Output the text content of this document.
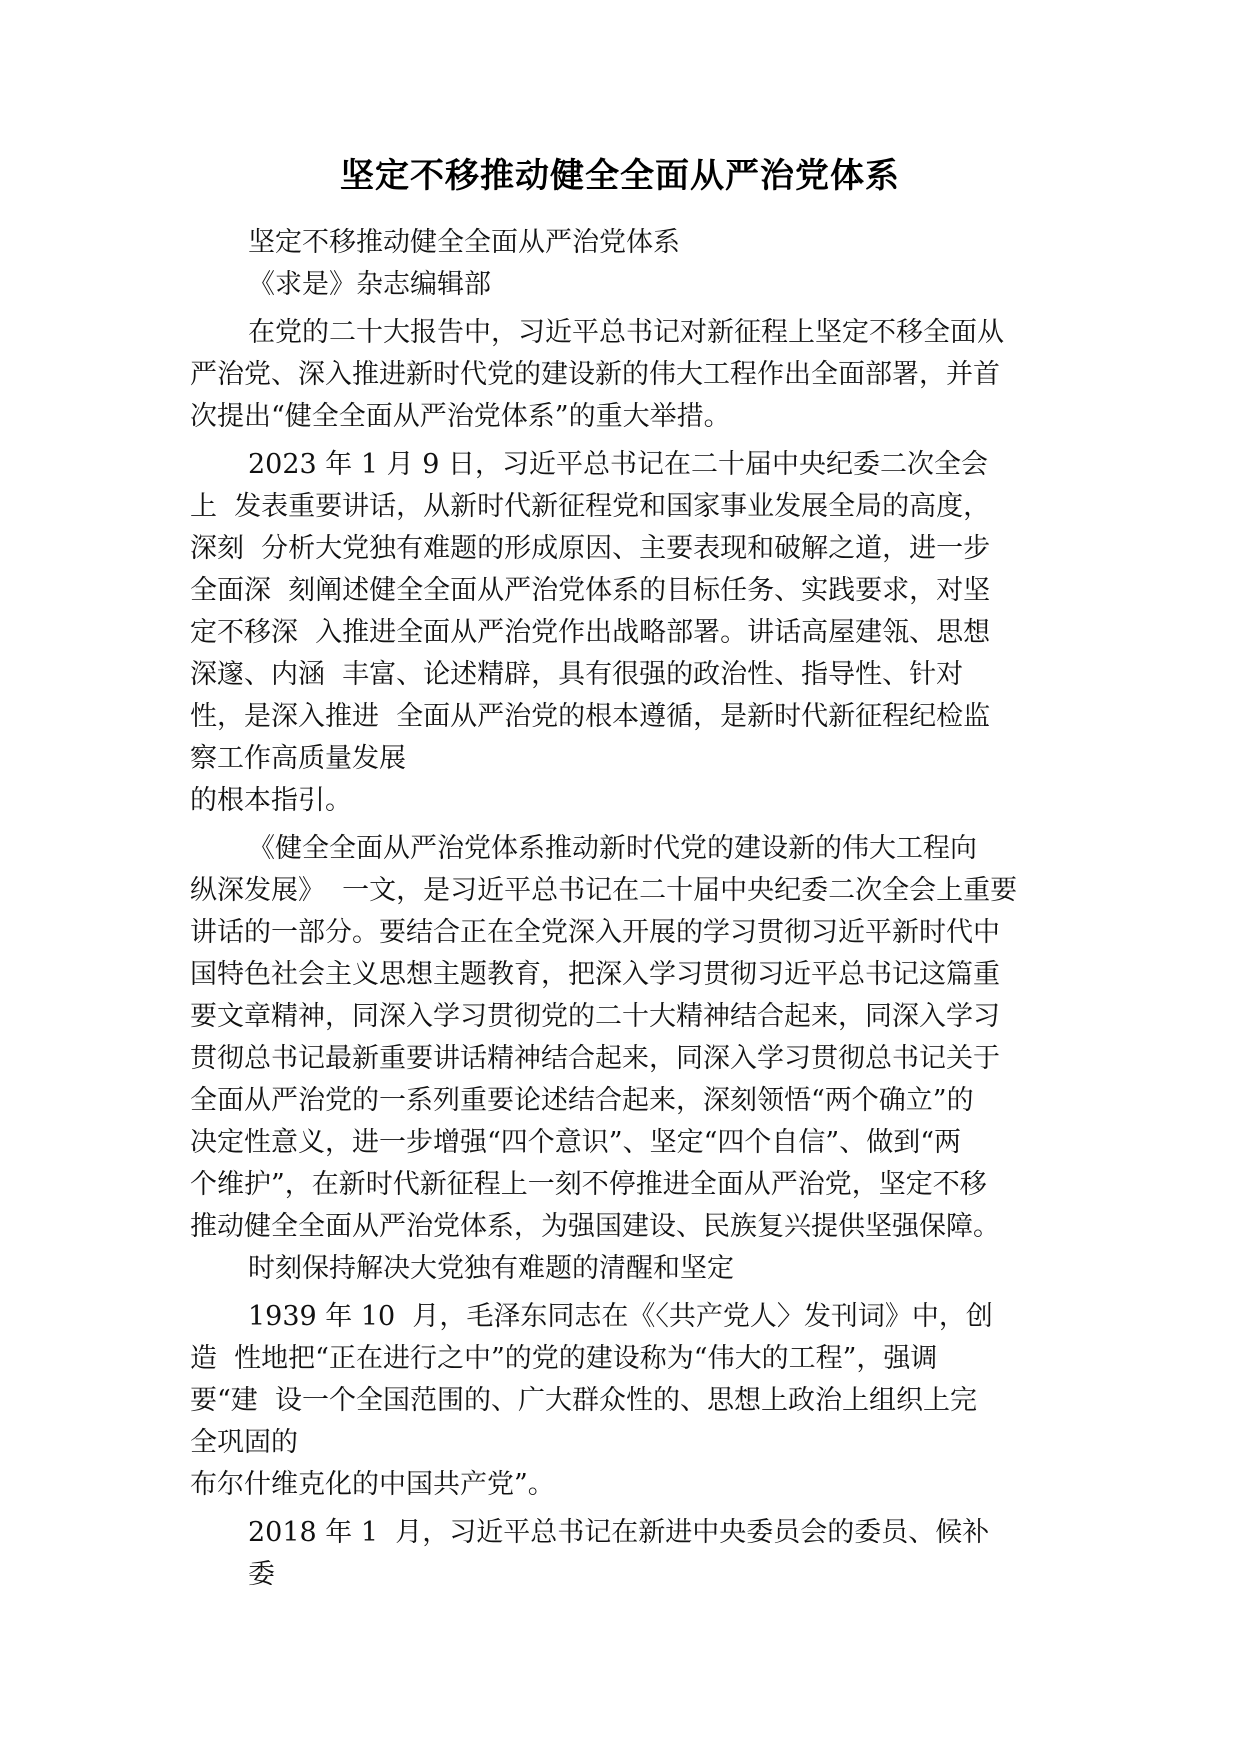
坚定不移推动健全全面从严治党体系
坚定不移推动健全全面从严治党体系
《求是》杂志编辑部
在党的二十大报告中，习近平总书记对新征程上坚定不移全面从
严治党、深入推进新时代党的建设新的伟大工程作出全面部署，并首
次提出“健全全面从严治党体系”的重大举措。
2023 年 1 月 9 日，习近平总书记在二十届中央纪委二次全会
上  发表重要讲话，从新时代新征程党和国家事业发展全局的高度，
深刻  分析大党独有难题的形成原因、主要表现和破解之道，进一步
全面深  刻阐述健全全面从严治党体系的目标任务、实践要求，对坚
定不移深  入推进全面从严治党作出战略部署。讲话高屋建瓴、思想
深邃、内涵  丰富、论述精辟，具有很强的政治性、指导性、针对
性，是深入推进  全面从严治党的根本遵循，是新时代新征程纪检监
察工作高质量发展
的根本指引。
《健全全面从严治党体系推动新时代党的建设新的伟大工程向
纵深发展》  一文，是习近平总书记在二十届中央纪委二次全会上重要
讲话的一部分。要结合正在全党深入开展的学习贯彻习近平新时代中
国特色社会主义思想主题教育，把深入学习贯彻习近平总书记这篇重
要文章精神，同深入学习贯彻党的二十大精神结合起来，同深入学习
贯彻总书记最新重要讲话精神结合起来，同深入学习贯彻总书记关于
全面从严治党的一系列重要论述结合起来，深刻领悟“两个确立”的
决定性意义，进一步增强“四个意识”、坚定“四个自信”、做到“两
个维护”，在新时代新征程上一刻不停推进全面从严治党，坚定不移
推动健全全面从严治党体系，为强国建设、民族复兴提供坚强保障。
时刻保持解决大党独有难题的清醒和坚定
1939 年 10  月，毛泽东同志在《〈共产党人〉发刊词》中，创
造  性地把“正在进行之中”的党的建设称为“伟大的工程”，强调
要“建  设一个全国范围的、广大群众性的、思想上政治上组织上完
全巩固的
布尔什维克化的中国共产党”。
2018 年 1  月，习近平总书记在新进中央委员会的委员、候补
委
